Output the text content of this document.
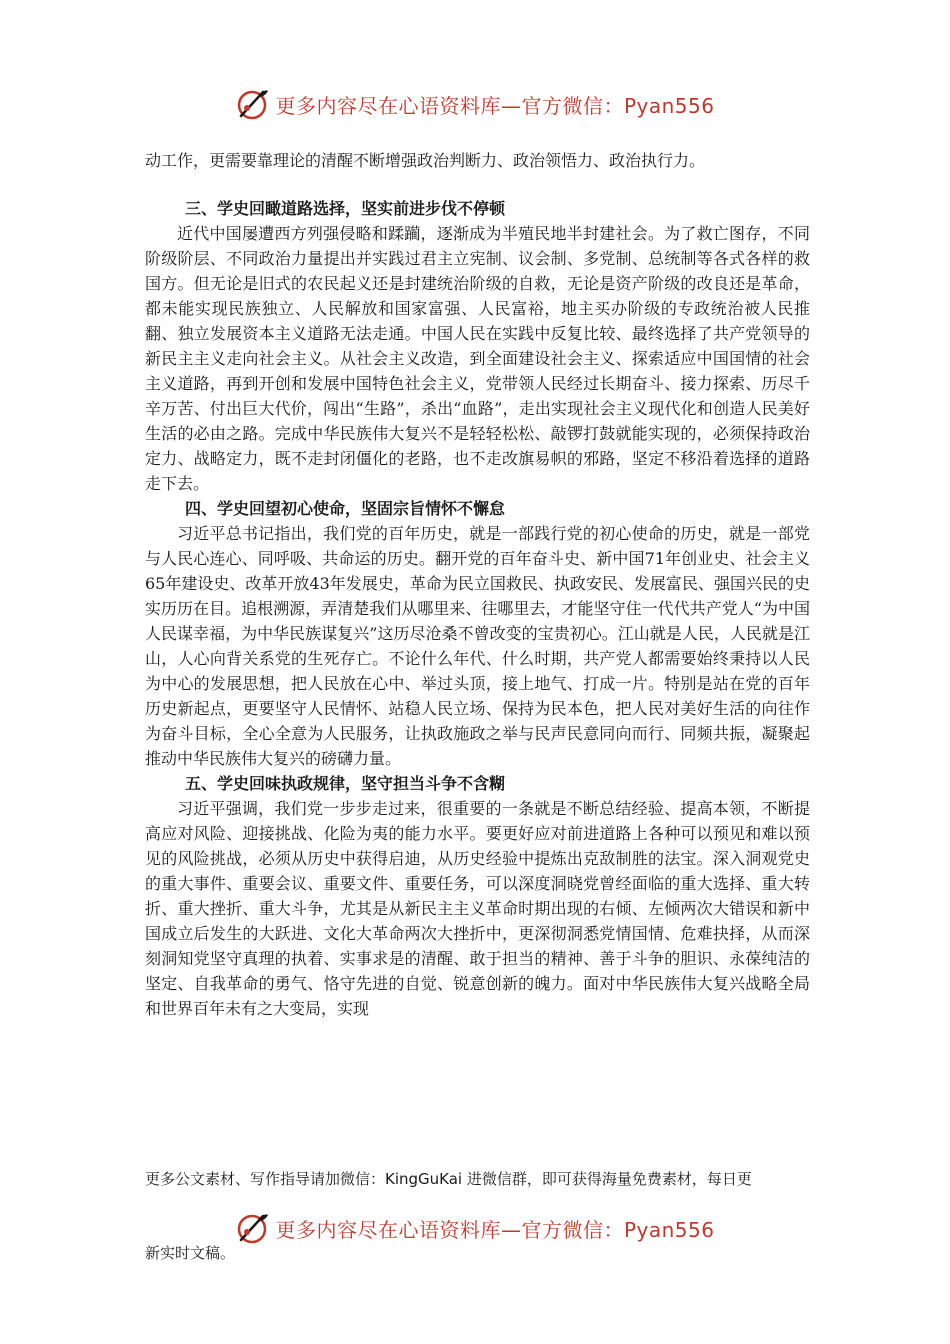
更多内容尽在心语资料库—官方微信：Pyan556

动工作，更需要靠理论的清醒不断增强政治判断力、政治领悟力、政治执行力。

三、学史回瞰道路选择，坚实前进步伐不停顿

近代中国屡遭西方列强侵略和蹂躏，逐渐成为半殖民地半封建社会。为了救亡图存，不同阶级阶层、不同政治力量提出并实践过君主立宪制、议会制、多党制、总统制等各式各样的救国方。但无论是旧式的农民起义还是封建统治阶级的自救，无论是资产阶级的改良还是革命，都未能实现民族独立、人民解放和国家富强、人民富裕，地主买办阶级的专政统治被人民推翻、独立发展资本主义道路无法走通。中国人民在实践中反复比较、最终选择了共产党领导的新民主主义走向社会主义。从社会主义改造，到全面建设社会主义、探索适应中国国情的社会主义道路，再到开创和发展中国特色社会主义，党带领人民经过长期奋斗、接力探索、历尽千辛万苦、付出巨大代价，闯出“生路”，杀出“血路”，走出实现社会主义现代化和创造人民美好生活的必由之路。完成中华民族伟大复兴不是轻轻松松、敲锣打鼓就能实现的，必须保持政治定力、战略定力，既不走封闭僵化的老路，也不走改旗易帜的邪路，坚定不移沿着选择的道路走下去。

四、学史回望初心使命，坚固宗旨情怀不懈怠

习近平总书记指出，我们党的百年历史，就是一部践行党的初心使命的历史，就是一部党与人民心连心、同呼吸、共命运的历史。翻开党的百年奋斗史、新中国71年创业史、社会主义65年建设史、改革开放43年发展史，革命为民立国救民、执政安民、发展富民、强国兴民的史实历历在目。追根溯源，弄清楚我们从哪里来、往哪里去，才能坚守住一代代共产党人“为中国人民谋幸福，为中华民族谋复兴”这历尽沧桑不曾改变的宝贵初心。江山就是人民，人民就是江山，人心向背关系党的生死存亡。不论什么年代、什么时期，共产党人都需要始终秉持以人民为中心的发展思想，把人民放在心中、举过头顶，接上地气、打成一片。特别是站在党的百年历史新起点，更要坚守人民情怀、站稳人民立场、保持为民本色，把人民对美好生活的向往作为奋斗目标，全心全意为人民服务，让执政施政之举与民声民意同向而行、同频共振，凝聚起推动中华民族伟大复兴的磅礴力量。

五、学史回味执政规律，坚守担当斗争不含糊

习近平强调，我们党一步步走过来，很重要的一条就是不断总结经验、提高本领，不断提高应对风险、迎接挑战、化险为夷的能力水平。要更好应对前进道路上各种可以预见和难以预见的风险挑战，必须从历史中获得启迪，从历史经验中提炼出克敌制胜的法宝。深入洞观党史的重大事件、重要会议、重要文件、重要任务，可以深度洞晓党曾经面临的重大选择、重大转折、重大挫折、重大斗争，尤其是从新民主主义革命时期出现的右倾、左倾两次大错误和新中国成立后发生的大跃进、文化大革命两次大挫折中，更深彻洞悉党情国情、危难抉择，从而深刻洞知党坚守真理的执着、实事求是的清醒、敢于担当的精神、善于斗争的胆识、永葆纯洁的坚定、自我革命的勇气、恪守先进的自觉、锐意创新的魄力。面对中华民族伟大复兴战略全局和世界百年未有之大变局，实现

更多公文素材、写作指导请加微信：KingGuKai 进微信群，即可获得海量免费素材，每日更
更多内容尽在心语资料库—官方微信：Pyan556
新实时文稿。
